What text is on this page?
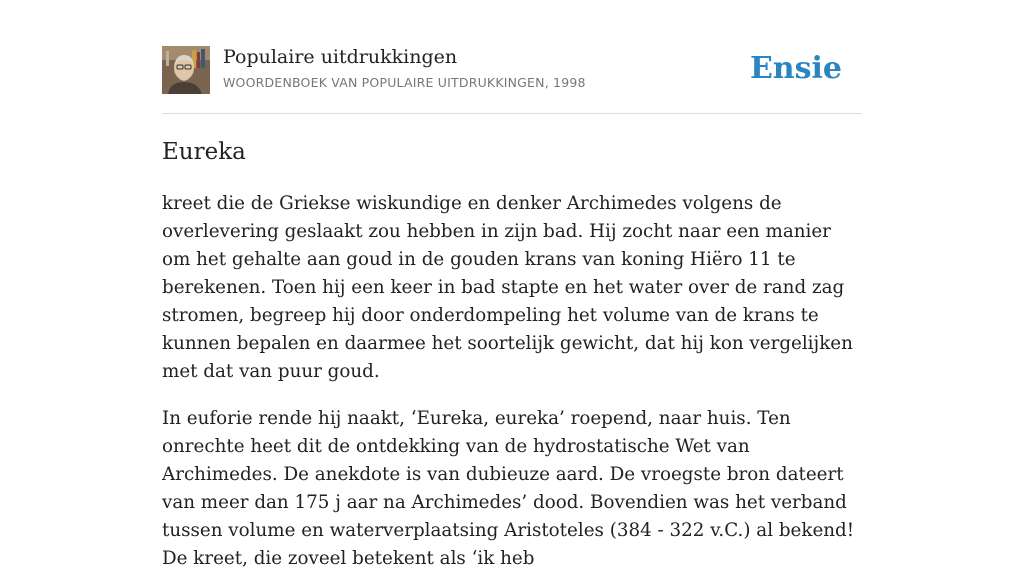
Populaire uitdrukkingen
WOORDENBOEK VAN POPULAIRE UITDRUKKINGEN, 1998	Ensie
Eureka

kreet die de Griekse wiskundige en denker Archimedes volgens de overlevering geslaakt zou hebben in zijn bad. Hij zocht naar een manier om het gehalte aan goud in de gouden krans van koning Hiëro 11 te berekenen. Toen hij een keer in bad stapte en het water over de rand zag stromen, begreep hij door onderdompeling het volume van de krans te kunnen bepalen en daarmee het soortelijk gewicht, dat hij kon vergelijken met dat van puur goud.

In euforie rende hij naakt, ‘Eureka, eureka’ roepend, naar huis. Ten onrechte heet dit de ontdekking van de hydrostatische Wet van Archimedes. De anekdote is van dubieuze aard. De vroegste bron dateert van meer dan 175 j aar na Archimedes’ dood. Bovendien was het verband tussen volume en waterverplaatsing Aristoteles (384 - 322 v.C.) al bekend! De kreet, die zoveel betekent als ‘ik heb
